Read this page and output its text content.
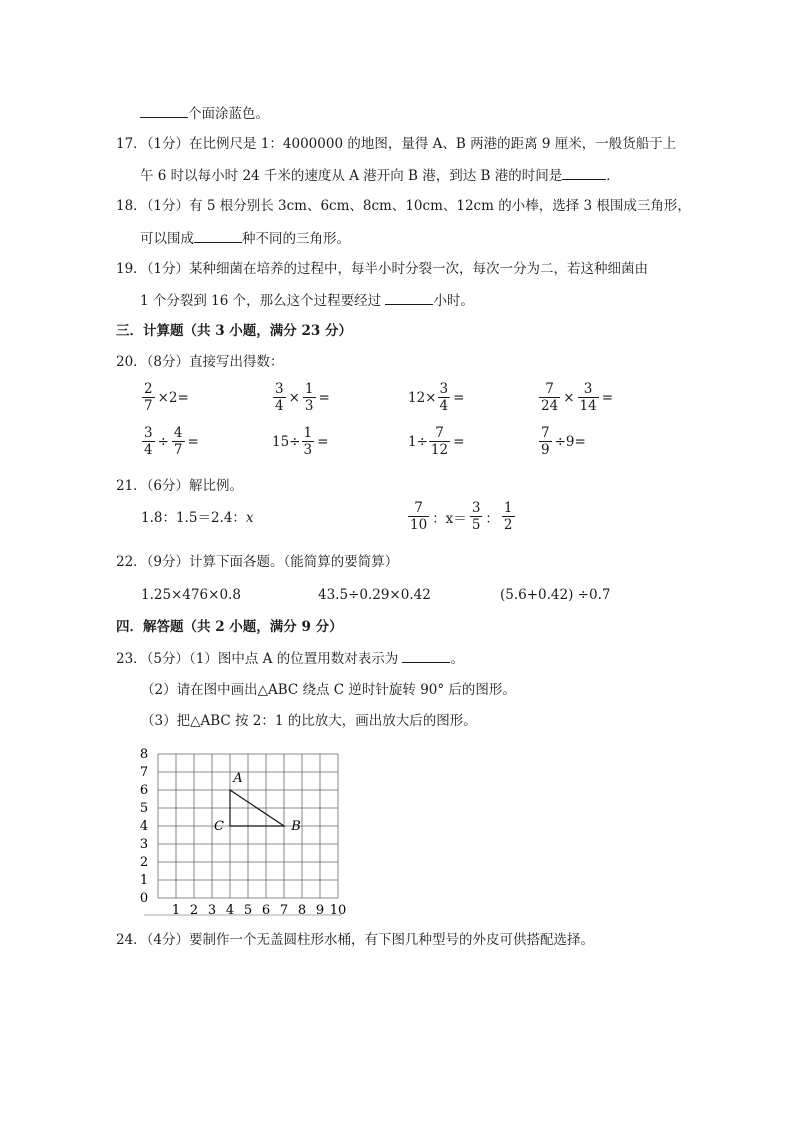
个面涂蓝色。
17．（1分）在比例尺是 1：4000000 的地图，量得 A、B 两港的距离 9 厘米，一般货船于上
午 6 时以每小时 24 千米的速度从 A 港开向 B 港，到达 B 港的时间是	．
18．（1分）有 5 根分别长 3cm、6cm、8cm、10cm、12cm 的小棒，选择 3 根围成三角形，
可以围成	种不同的三角形。
19．（1分）某种细菌在培养的过程中，每半小时分裂一次，每次一分为二，若这种细菌由
1 个分裂到 16 个，那么这个过程要经过	小时。
三．计算题（共 3 小题，满分 23 分）
20．（8分）直接写出得数：
$\frac{2}{7} \times 2=$	$\frac{3}{4} \times \frac{1}{3}$ =	$12\times \frac{3}{4}$ =	$\frac{7}{24} \times \frac{3}{14}$ =
$\frac{3}{4} \div \frac{4}{7}$ =	$15\div \frac{1}{3}$ =	$1\div \frac{7}{12}$ =	$\frac{7}{9} \div 9=$
21．（6分）解比例。
1.8：1.5＝2.4：x	$\frac{7}{10}$ ：$x= \frac{3}{5}$ ： $\frac{1}{2}$
22．（9分）计算下面各题。（能简算的要简算）
1.25×476×0.8	43.5÷0.29×0.42	(5.6+0.42) ÷0.7
四．解答题（共 2 小题，满分 9 分）
23．（5分）（1）图中点 A 的位置用数对表示为	。
（2）请在图中画出△ABC 绕点 C 逆时针旋转 90° 后的图形。
（3）把△ABC 按 2：1 的比放大，画出放大后的图形。
1 2 3 4 5 6 7 8 9 10
0
1
2
3
4
5
6
7
8
A
B
C
24．（4分）要制作一个无盖圆柱形水桶，有下图几种型号的外皮可供搭配选择。
